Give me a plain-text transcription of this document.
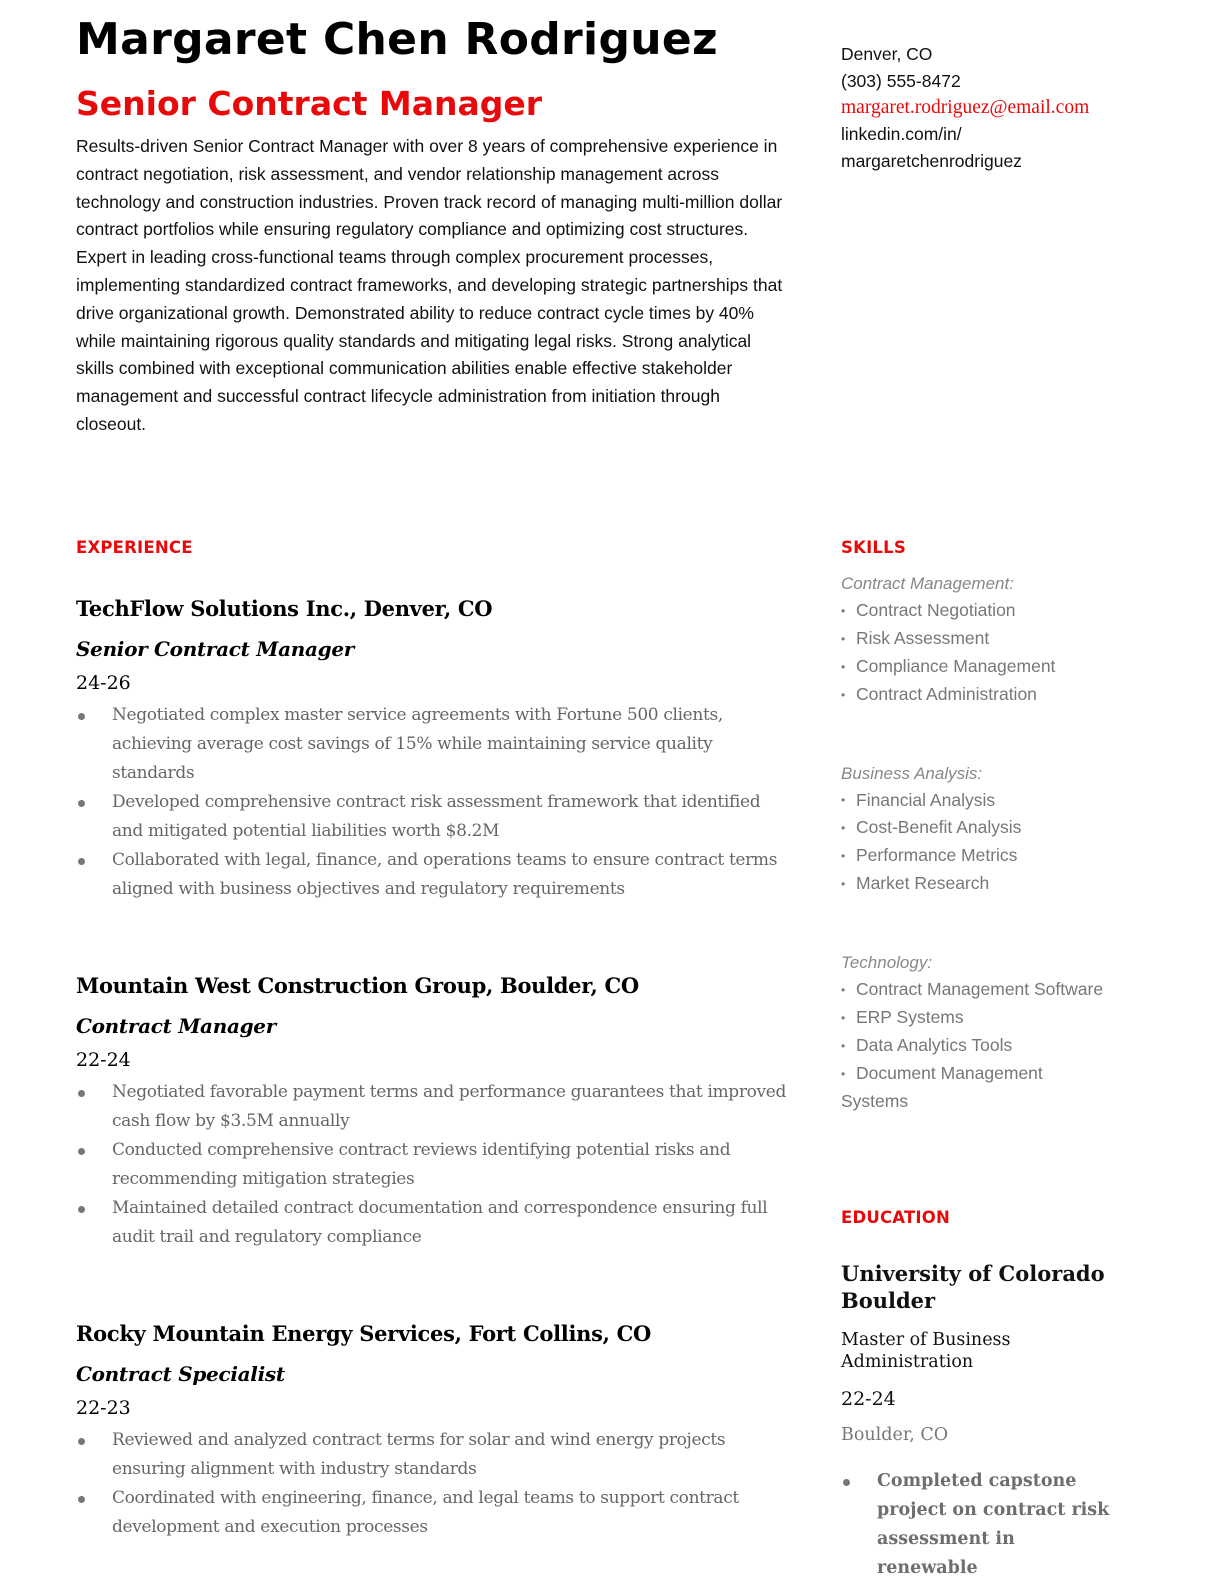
Margaret Chen Rodriguez
Senior Contract Manager
Results-driven Senior Contract Manager with over 8 years of comprehensive experience in contract negotiation, risk assessment, and vendor relationship management across technology and construction industries. Proven track record of managing multi-million dollar contract portfolios while ensuring regulatory compliance and optimizing cost structures. Expert in leading cross-functional teams through complex procurement processes, implementing standardized contract frameworks, and developing strategic partnerships that drive organizational growth. Demonstrated ability to reduce contract cycle times by 40% while maintaining rigorous quality standards and mitigating legal risks. Strong analytical skills combined with exceptional communication abilities enable effective stakeholder management and successful contract lifecycle administration from initiation through closeout.
Denver, CO
(303) 555-8472
margaret.rodriguez@email.com
linkedin.com/in/
margaretchenrodriguez
EXPERIENCE
TechFlow Solutions Inc., Denver, CO
Senior Contract Manager
24-26
Negotiated complex master service agreements with Fortune 500 clients, achieving average cost savings of 15% while maintaining service quality standards
Developed comprehensive contract risk assessment framework that identified and mitigated potential liabilities worth $8.2M
Collaborated with legal, finance, and operations teams to ensure contract terms aligned with business objectives and regulatory requirements
Mountain West Construction Group, Boulder, CO
Contract Manager
22-24
Negotiated favorable payment terms and performance guarantees that improved cash flow by $3.5M annually
Conducted comprehensive contract reviews identifying potential risks and recommending mitigation strategies
Maintained detailed contract documentation and correspondence ensuring full audit trail and regulatory compliance
Rocky Mountain Energy Services, Fort Collins, CO
Contract Specialist
22-23
Reviewed and analyzed contract terms for solar and wind energy projects ensuring alignment with industry standards
Coordinated with engineering, finance, and legal teams to support contract development and execution processes
SKILLS
Contract Management:
• Contract Negotiation
• Risk Assessment
• Compliance Management
• Contract Administration
Business Analysis:
• Financial Analysis
• Cost-Benefit Analysis
• Performance Metrics
• Market Research
Technology:
• Contract Management Software
• ERP Systems
• Data Analytics Tools
• Document Management Systems
EDUCATION
University of Colorado Boulder
Master of Business Administration
22-24
Boulder, CO
Completed capstone project on contract risk assessment in renewable
